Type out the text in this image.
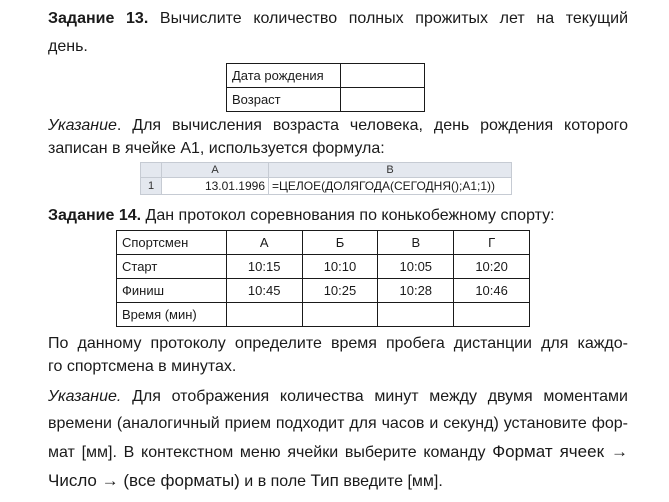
Задание 13. Вычислите количество полных прожитых лет на текущий
день.
Дата рождения	
Возраст	
Указание. Для вычисления возраста человека, день рождения которого
записан в ячейке A1, используется формула:
	A	B
1	13.01.1996	=ЦЕЛОЕ(ДОЛЯГОДА(СЕГОДНЯ();A1;1))
Задание 14. Дан протокол соревнования по конькобежному спорту:
Спортсмен	А	Б	В	Г
Старт	10:15	10:10	10:05	10:20
Финиш	10:45	10:25	10:28	10:46
Время (мин)				
По данному протоколу определите время пробега дистанции для каждо-
го спортсмена в минутах.
Указание. Для отображения количества минут между двумя моментами
времени (аналогичный прием подходит для часов и секунд) установите фор-
мат [мм]. В контекстном меню ячейки выберите команду Формат ячеек →
Число → (все форматы) и в поле Тип введите [мм].
